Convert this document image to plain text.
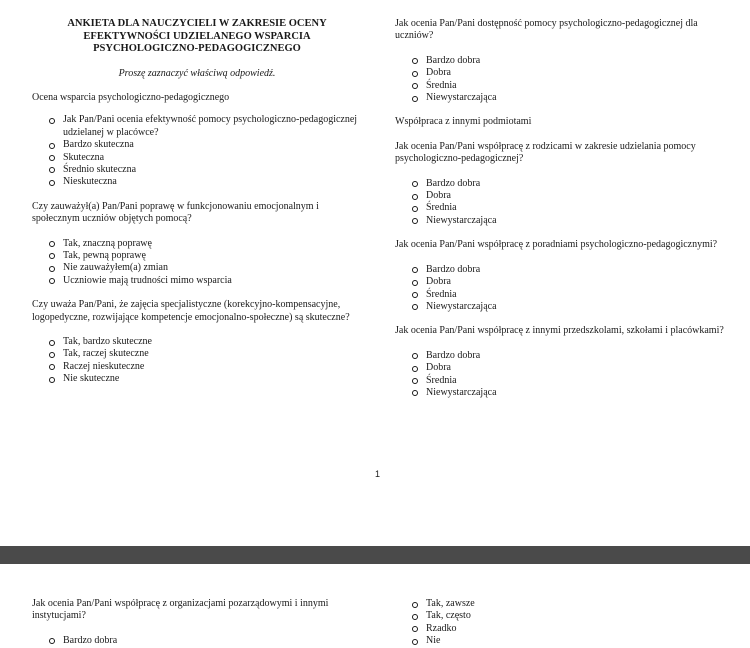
ANKIETA DLA NAUCZYCIELI W ZAKRESIE OCENY EFEKTYWNOŚCI UDZIELANEGO WSPARCIA PSYCHOLOGICZNO-PEDAGOGICZNEGO
Proszę zaznaczyć właściwą odpowiedź.
Ocena wsparcia psychologiczno-pedagogicznego
Jak Pan/Pani ocenia efektywność pomocy psychologiczno-pedagogicznej udzielanej w placówce?
Bardzo skuteczna
Skuteczna
Średnio skuteczna
Nieskuteczna
Czy zauważył(a) Pan/Pani poprawę w funkcjonowaniu emocjonalnym i społecznym uczniów objętych pomocą?
Tak, znaczną poprawę
Tak, pewną poprawę
Nie zauważyłem(a) zmian
Uczniowie mają trudności mimo wsparcia
Czy uważa Pan/Pani, że zajęcia specjalistyczne (korekcyjno-kompensacyjne, logopedyczne, rozwijające kompetencje emocjonalno-społeczne) są skuteczne?
Tak, bardzo skuteczne
Tak, raczej skuteczne
Raczej nieskuteczne
Nie skuteczne
Jak ocenia Pan/Pani dostępność pomocy psychologiczno-pedagogicznej dla uczniów?
Bardzo dobra
Dobra
Średnia
Niewystarczająca
Współpraca z innymi podmiotami
Jak ocenia Pan/Pani współpracę z rodzicami w zakresie udzielania pomocy psychologiczno-pedagogicznej?
Bardzo dobra
Dobra
Średnia
Niewystarczająca
Jak ocenia Pan/Pani współpracę z poradniami psychologiczno-pedagogicznymi?
Bardzo dobra
Dobra
Średnia
Niewystarczająca
Jak ocenia Pan/Pani współpracę z innymi przedszkolami, szkołami i placówkami?
Bardzo dobra
Dobra
Średnia
Niewystarczająca
1
Jak ocenia Pan/Pani współpracę z organizacjami pozarządowymi i innymi instytucjami?
Bardzo dobra
Tak, zawsze
Tak, często
Rzadko
Nie
